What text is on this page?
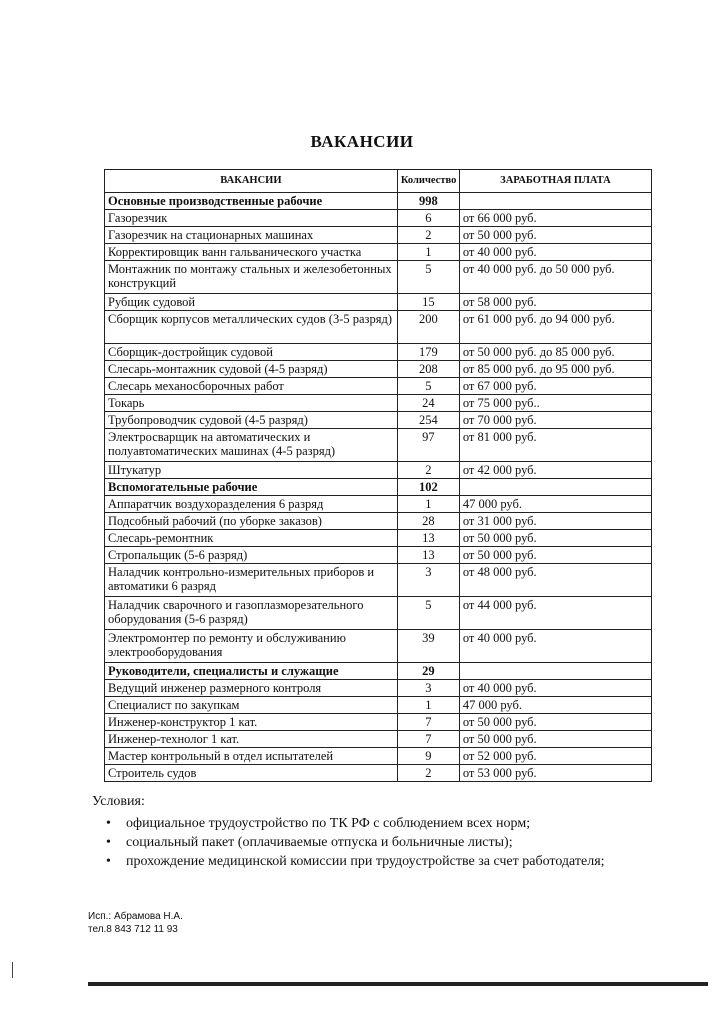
ВАКАНСИИ
ВАКАНСИИ	Количество	ЗАРАБОТНАЯ ПЛАТА
Основные производственные рабочие	998	
Газорезчик	6	от 66 000 руб.
Газорезчик на стационарных машинах	2	от 50 000 руб.
Корректировщик ванн гальванического участка	1	от 40 000 руб.
Монтажник по монтажу стальных и железобетонных конструкций	5	от 40 000 руб. до 50 000 руб.
Рубщик судовой	15	от 58 000 руб.
Сборщик корпусов металлических судов (3-5 разряд)	200	от 61 000 руб. до 94 000 руб.
Сборщик-достройщик судовой	179	от 50 000 руб. до 85 000 руб.
Слесарь-монтажник судовой (4-5 разряд)	208	от 85 000 руб. до 95 000 руб.
Слесарь механосборочных работ	5	от 67 000 руб.
Токарь	24	от 75 000 руб..
Трубопроводчик судовой (4-5 разряд)	254	от 70 000 руб.
Электросварщик на автоматических и полуавтоматических машинах (4-5 разряд)	97	от 81 000 руб.
Штукатур	2	от 42 000 руб.
Вспомогательные рабочие	102	
Аппаратчик воздухоразделения 6 разряд	1	47 000 руб.
Подсобный рабочий (по уборке заказов)	28	от 31 000 руб.
Слесарь-ремонтник	13	от 50 000 руб.
Стропальщик (5-6 разряд)	13	от 50 000 руб.
Наладчик контрольно-измерительных приборов и автоматики 6 разряд	3	от 48 000 руб.
Наладчик сварочного и газоплазморезательного оборудования (5-6 разряд)	5	от 44 000 руб.
Электромонтер по ремонту и обслуживанию электрооборудования	39	от 40 000 руб.
Руководители, специалисты и служащие	29	
Ведущий инженер размерного контроля	3	от 40 000 руб.
Специалист по закупкам	1	47 000 руб.
Инженер-конструктор 1 кат.	7	от 50 000 руб.
Инженер-технолог 1 кат.	7	от 50 000 руб.
Мастер контрольный в отдел испытателей	9	от 52 000 руб.
Строитель судов	2	от 53 000 руб.
Условия:
• официальное трудоустройство по ТК РФ с соблюдением всех норм;
• социальный пакет (оплачиваемые отпуска и больничные листы);
• прохождение медицинской комиссии при трудоустройстве за счет работодателя;
Исп.: Абрамова Н.А.
тел.8 843 712 11 93
